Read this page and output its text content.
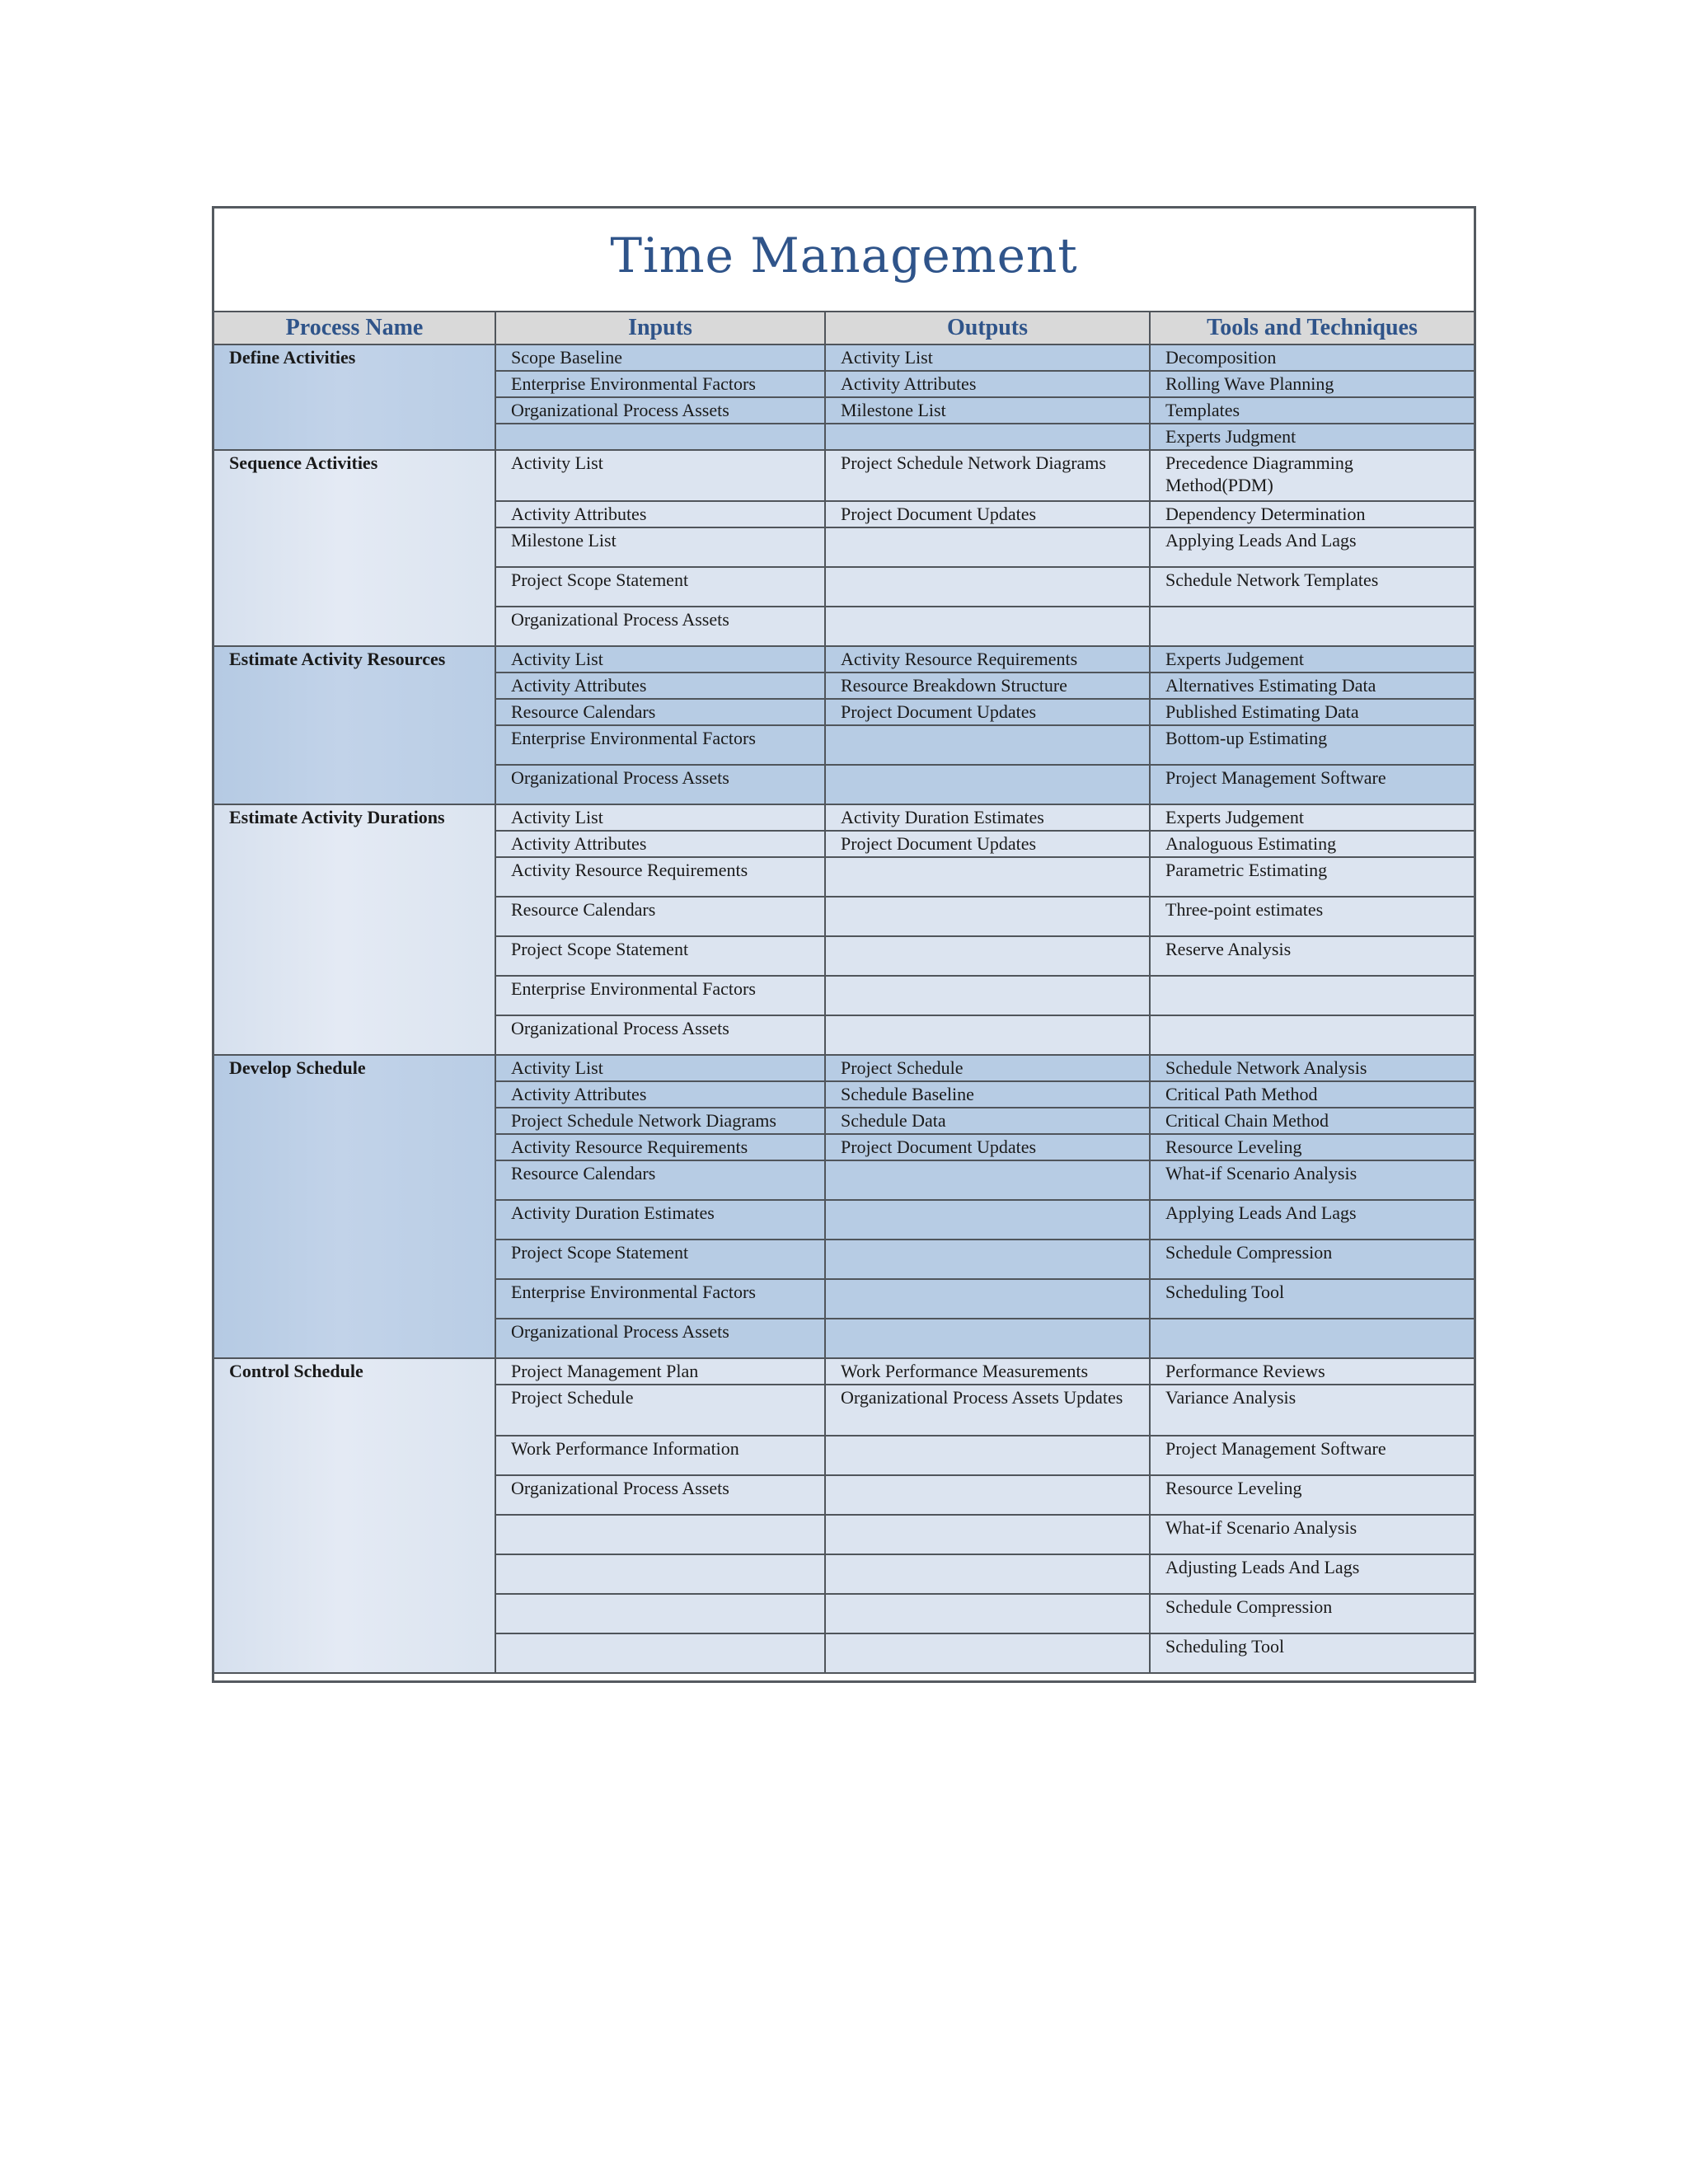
Time Management
Process Name	Inputs	Outputs	Tools and Techniques
Define Activities	Scope Baseline	Activity List	Decomposition
	Enterprise Environmental Factors	Activity Attributes	Rolling Wave Planning
	Organizational Process Assets	Milestone List	Templates
			Experts Judgment
Sequence Activities	Activity List	Project Schedule Network Diagrams	Precedence Diagramming Method(PDM)
	Activity Attributes	Project Document Updates	Dependency Determination
	Milestone List		Applying Leads And Lags
	Project Scope Statement		Schedule Network Templates
	Organizational Process Assets		
Estimate Activity Resources	Activity List	Activity Resource Requirements	Experts Judgement
	Activity Attributes	Resource Breakdown Structure	Alternatives Estimating Data
	Resource Calendars	Project Document Updates	Published Estimating Data
	Enterprise Environmental Factors		Bottom-up Estimating
	Organizational Process Assets		Project Management Software
Estimate Activity Durations	Activity List	Activity Duration Estimates	Experts Judgement
	Activity Attributes	Project Document Updates	Analoguous Estimating
	Activity Resource Requirements		Parametric Estimating
	Resource Calendars		Three-point estimates
	Project Scope Statement		Reserve Analysis
	Enterprise Environmental Factors		
	Organizational Process Assets		
Develop Schedule	Activity List	Project Schedule	Schedule Network Analysis
	Activity Attributes	Schedule Baseline	Critical Path Method
	Project Schedule Network Diagrams	Schedule Data	Critical Chain Method
	Activity Resource Requirements	Project Document Updates	Resource Leveling
	Resource Calendars		What-if Scenario Analysis
	Activity Duration Estimates		Applying Leads And Lags
	Project Scope Statement		Schedule Compression
	Enterprise Environmental Factors		Scheduling Tool
	Organizational Process Assets		
Control Schedule	Project Management Plan	Work Performance Measurements	Performance Reviews
	Project Schedule	Organizational Process Assets Updates	Variance Analysis
	Work Performance Information		Project Management Software
	Organizational Process Assets		Resource Leveling
			What-if Scenario Analysis
			Adjusting Leads And Lags
			Schedule Compression
			Scheduling Tool
